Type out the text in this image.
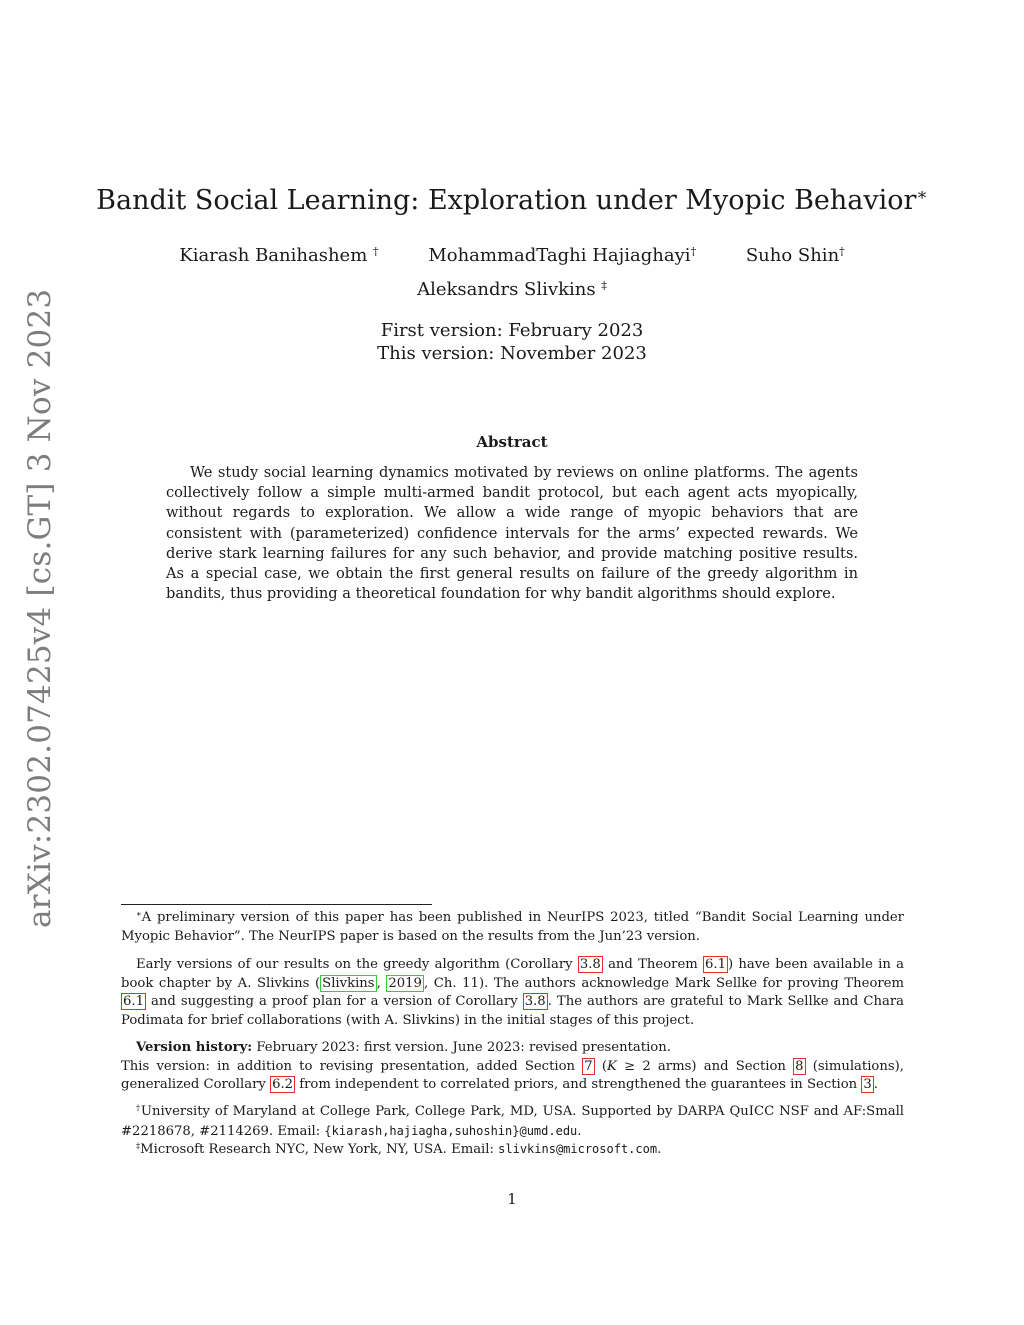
arXiv:2302.07425v4 [cs.GT] 3 Nov 2023
Bandit Social Learning: Exploration under Myopic Behavior∗
Kiarash Banihashem †	MohammadTaghi Hajiaghayi†	Suho Shin†
Aleksandrs Slivkins ‡
First version: February 2023
This version: November 2023
Abstract

We study social learning dynamics motivated by reviews on online platforms. The agents collectively follow a simple multi-armed bandit protocol, but each agent acts myopically, without regards to exploration. We allow a wide range of myopic behaviors that are consistent with (parameterized) confidence intervals for the arms’ expected rewards. We derive stark learning failures for any such behavior, and provide matching positive results. As a special case, we obtain the first general results on failure of the greedy algorithm in bandits, thus providing a theoretical foundation for why bandit algorithms should explore.

∗A preliminary version of this paper has been published in NeurIPS 2023, titled “Bandit Social Learning under Myopic Behavior”. The NeurIPS paper is based on the results from the Jun’23 version.

Early versions of our results on the greedy algorithm (Corollary 3.8 and Theorem 6.1 ) have been available in a book chapter by A. Slivkins ( Slivkins , 2019 , Ch. 11). The authors acknowledge Mark Sellke for proving Theorem 6.1 and suggesting a proof plan for a version of Corollary 3.8 . The authors are grateful to Mark Sellke and Chara Podimata for brief collaborations (with A. Slivkins) in the initial stages of this project.

Version history: February 2023: first version. June 2023: revised presentation.
This version: in addition to revising presentation, added Section 7 (K ≥ 2 arms) and Section 8 (simulations), generalized Corollary 6.2 from independent to correlated priors, and strengthened the guarantees in Section 3 .

†University of Maryland at College Park, College Park, MD, USA. Supported by DARPA QuICC NSF and AF:Small #2218678, #2114269. Email: {kiarash,hajiagha,suhoshin}@umd.edu.

‡Microsoft Research NYC, New York, NY, USA. Email: slivkins@microsoft.com.

1
